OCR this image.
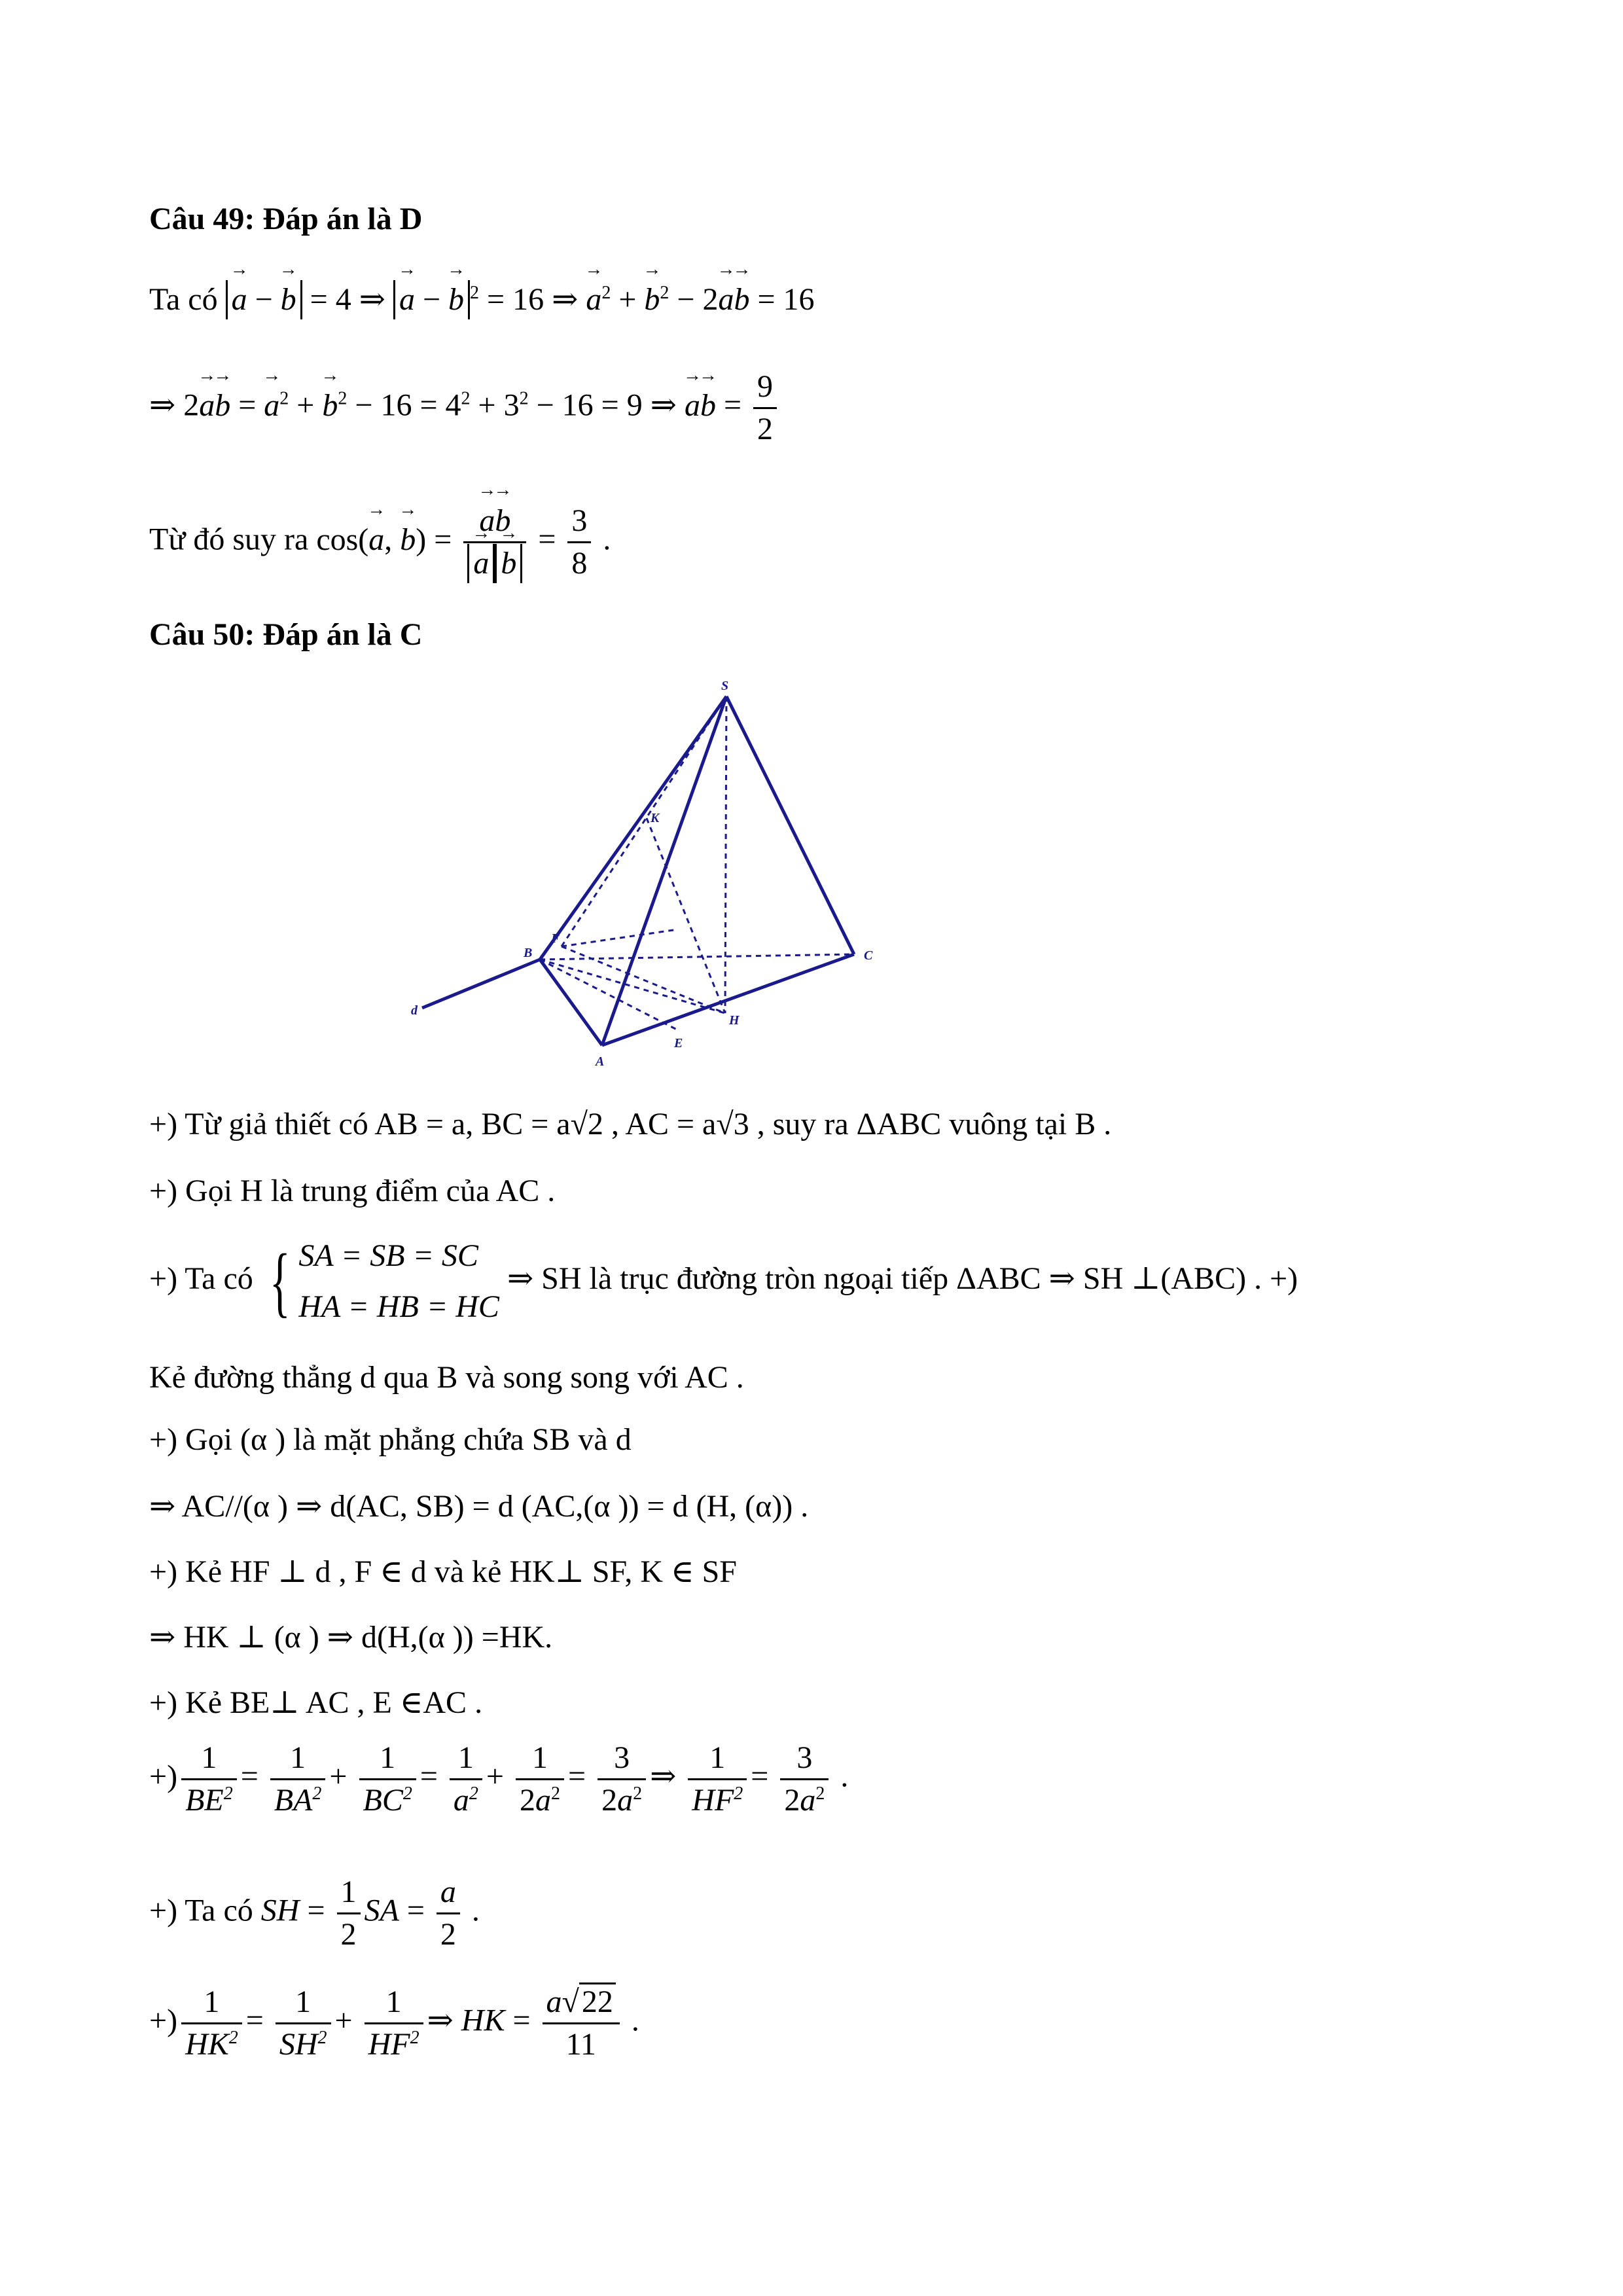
Câu 49: Đáp án là D
Ta có → a − → b = 4 ⇒ → a − → b $^2$ = 16 ⇒ → $a^2$ + → $b^2 - 2\to a\to b = 16$
⇒ 2→ a→ b = → $a^2$ + → $b^2 - 16 = 4^2 + 3^2 - 16 = 9$ ⇒ → $a\to b = \frac{9}{2}$
Từ đó suy ra cos(→ a, → b) = → a→ b
→ $a \to b = \frac{3}{8}$ .
Câu 50: Đáp án là C
S
K
F
B	C
d
H
E
A
+) Từ giả thiết có AB = a, BC = a√2 , AC = a√3 , suy ra ΔABC vuông tại B .
+) Gọi H là trung điểm của AC .
+) Ta có { SA = SB = SC
HA = HB = HC
⇒ SH là trục đường tròn ngoại tiếp ΔABC ⇒ SH ⊥(ABC) . +)
Kẻ đường thẳng d qua B và song song với AC .
+) Gọi (α ) là mặt phẳng chứa SB và d
⇒ AC//(α ) ⇒ d(AC, SB) = d (AC,(α )) = d (H, (α)) .
+) Kẻ HF ⊥ d , F ∈ d và kẻ HK⊥ SF, K ∈ SF
⇒ HK ⊥ (α ) ⇒ d(H,(α )) =HK.
+) Kẻ BE⊥ AC , E ∈AC .
+) $\frac{1}{BE^2} = \frac{1}{BA^2} + \frac{1}{BC^2} = \frac{1}{a^2} + \frac{1}{2a^2} = \frac{3}{2a^2}$ ⇒ $\frac{1}{HF^2} = \frac{3}{2a^2}$ .
+) Ta có SH = $\frac{1}{2}$ SA = $\frac{a}{2}$ .
+) $\frac{1}{HK^2} = \frac{1}{SH^2} + \frac{1}{HF^2}$ ⇒ HK = $\frac{a√22}{11}$ .
